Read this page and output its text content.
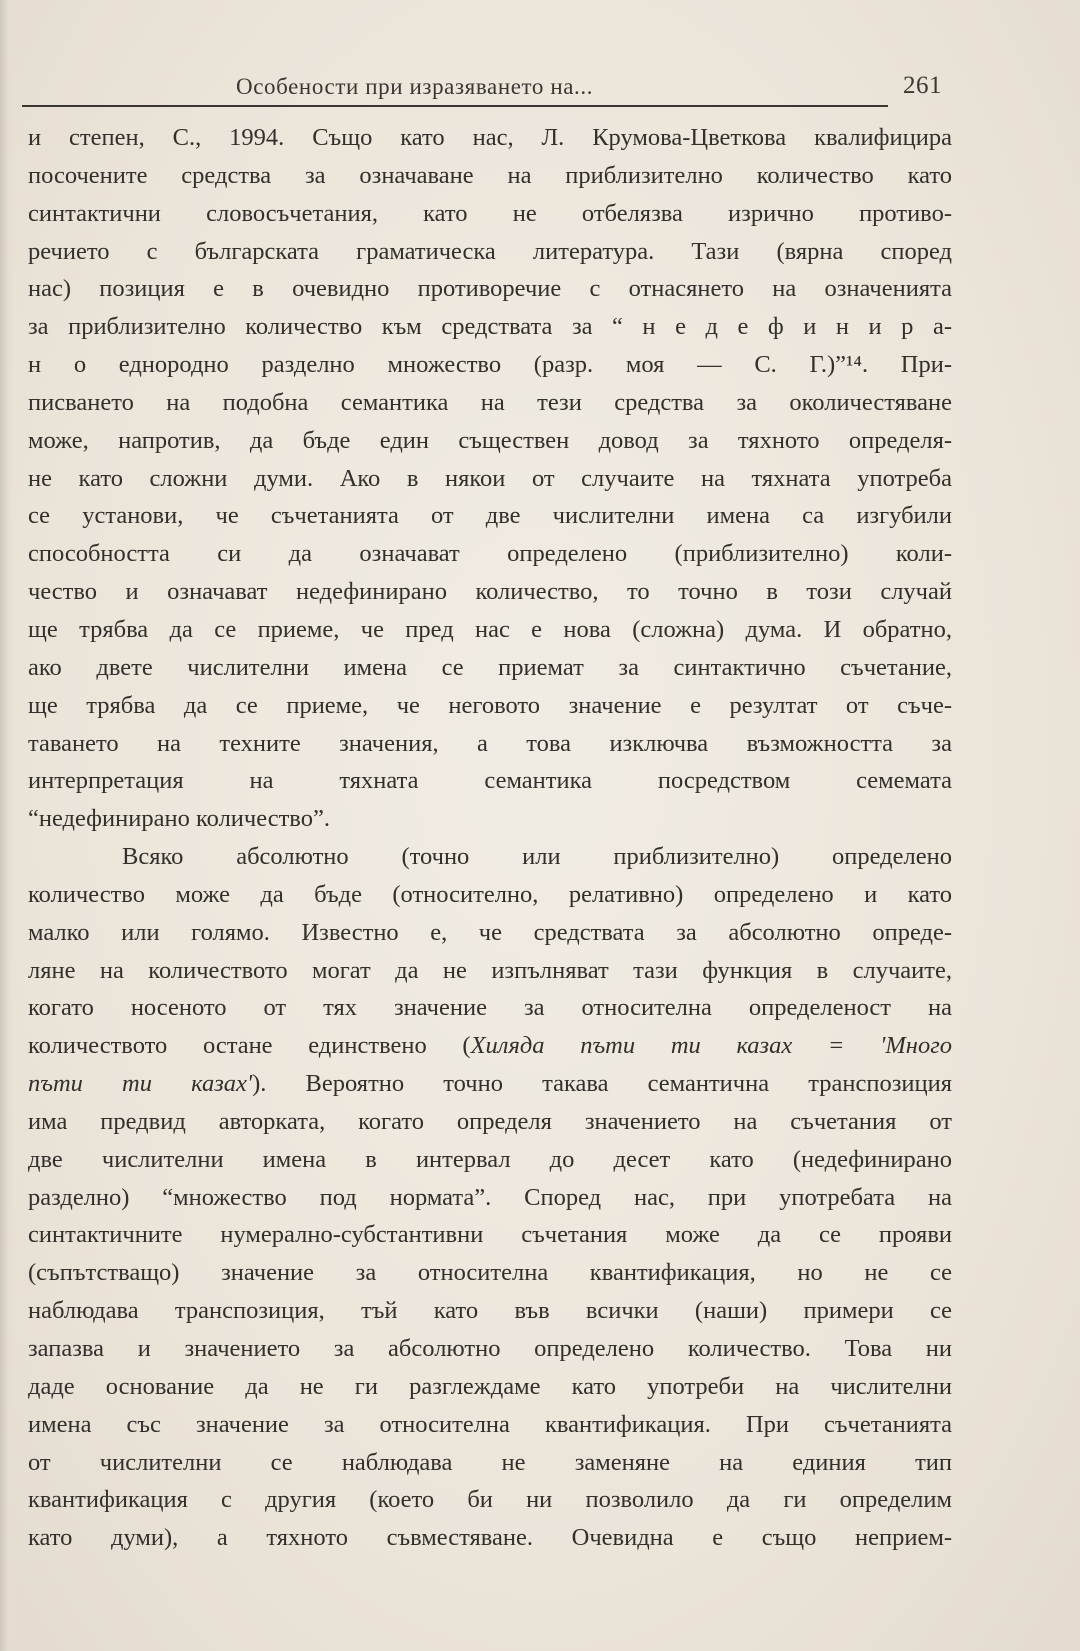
Особености при изразяването на...	261
и степен, С., 1994. Също като нас, Л. Крумова-Цветкова квалифицира
посочените средства за означаване на приблизително количество като
синтактични словосъчетания, като не отбелязва изрично противо-
речието с българската граматическа литература. Тази (вярна според
нас) позиция е в очевидно противоречие с отнасянето на означенията
за приблизително количество към средствата за “ н е д е ф и н и р а-
н о еднородно разделно множество (разр. моя — С. Г.)”¹⁴. При-
писването на подобна семантика на тези средства за околичестяване
може, напротив, да бъде един съществен довод за тяхното определя-
не като сложни думи. Ако в някои от случаите на тяхната употреба
се установи, че съчетанията от две числителни имена са изгубили
способността си да означават определено (приблизително) коли-
чество и означават недефинирано количество, то точно в този случай
ще трябва да се приеме, че пред нас е нова (сложна) дума. И обратно,
ако двете числителни имена се приемат за синтактично съчетание,
ще трябва да се приеме, че неговото значение е резултат от съче-
таването на техните значения, а това изключва възможността за
интерпретация на тяхната семантика посредством семемата
“недефинирано количество”.
Всяко абсолютно (точно или приблизително) определено
количество може да бъде (относително, релативно) определено и като
малко или голямо. Известно е, че средствата за абсолютно опреде-
ляне на количеството могат да не изпълняват тази функция в случаите,
когато носеното от тях значение за относителна определеност на
количеството остане единствено (Хиляда пъти ти казах = 'Много
пъти ти казах'). Вероятно точно такава семантична транспозиция
има предвид авторката, когато определя значението на съчетания от
две числителни имена в интервал до десет като (недефинирано
разделно) “множество под нормата”. Според нас, при употребата на
синтактичните нумерално-субстантивни съчетания може да се прояви
(съпътстващо) значение за относителна квантификация, но не се
наблюдава транспозиция, тъй като във всички (наши) примери се
запазва и значението за абсолютно определено количество. Това ни
даде основание да не ги разглеждаме като употреби на числителни
имена със значение за относителна квантификация. При съчетанията
от числителни се наблюдава не заменяне на единия тип
квантификация с другия (което би ни позволило да ги определим
като думи), а тяхното съвместяване. Очевидна е също неприем-
